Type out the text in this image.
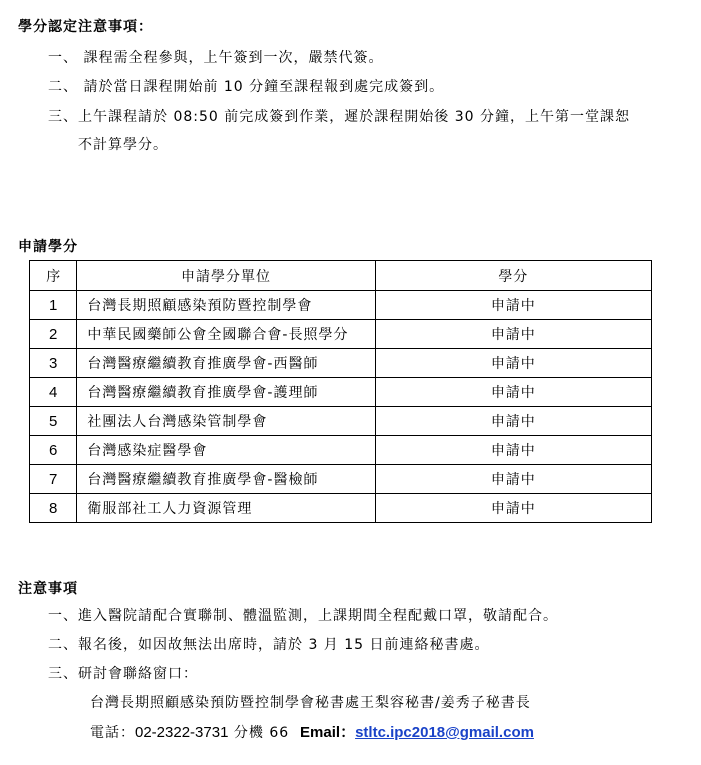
學分認定注意事項：
一、 課程需全程參與，上午簽到一次，嚴禁代簽。
二、 請於當日課程開始前 10 分鐘至課程報到處完成簽到。
三、上午課程請於 08:50 前完成簽到作業，遲於課程開始後 30 分鐘，上午第一堂課恕
不計算學分。
申請學分
序	申請學分單位	學分
1	台灣長期照顧感染預防暨控制學會	申請中
2	中華民國藥師公會全國聯合會-長照學分	申請中
3	台灣醫療繼續教育推廣學會-西醫師	申請中
4	台灣醫療繼續教育推廣學會-護理師	申請中
5	社團法人台灣感染管制學會	申請中
6	台灣感染症醫學會	申請中
7	台灣醫療繼續教育推廣學會-醫檢師	申請中
8	衛服部社工人力資源管理	申請中
注意事項
一、進入醫院請配合實聯制、體溫監測，上課期間全程配戴口罩，敬請配合。
二、報名後，如因故無法出席時，請於 3 月 15 日前連絡秘書處。
三、研討會聯絡窗口：
台灣長期照顧感染預防暨控制學會秘書處王梨容秘書/姜秀子秘書長
電話：02-2322-3731 分機 66 Email：stltc.ipc2018@gmail.com
